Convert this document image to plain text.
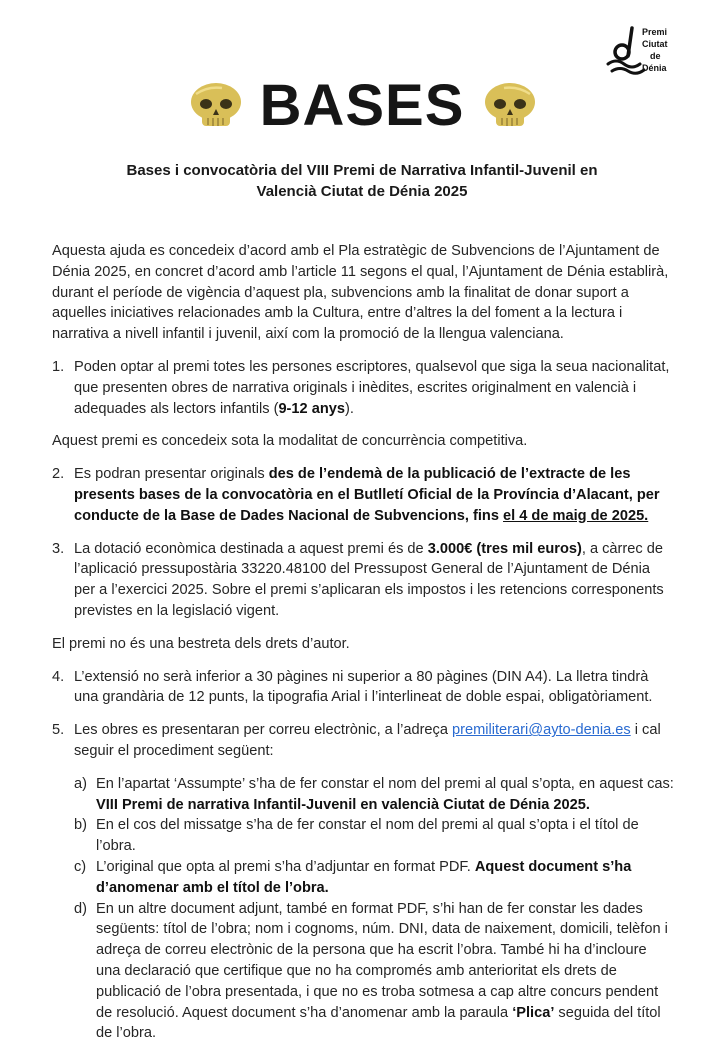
Premi
Ciutat
de
Dénia
BASES
Bases i convocatòria del VIII Premi de Narrativa Infantil-Juvenil en
Valencià Ciutat de Dénia 2025

Aquesta ajuda es concedeix d’acord amb el Pla estratègic de Subvencions de l’Ajuntament de Dénia 2025, en concret d’acord amb l’article 11 segons el qual, l’Ajuntament de Dénia establirà, durant el període de vigència d’aquest pla, subvencions amb la finalitat de donar suport a aquelles iniciatives relacionades amb la Cultura, entre d’altres la del foment a la lectura i narrativa a nivell infantil i juvenil, així com la promoció de la llengua valenciana.

1. Poden optar al premi totes les persones escriptores, qualsevol que siga la seua nacionalitat, que presenten obres de narrativa originals i inèdites, escrites originalment en valencià i adequades als lectors infantils (9-12 anys).

Aquest premi es concedeix sota la modalitat de concurrència competitiva.

2. Es podran presentar originals des de l’endemà de la publicació de l’extracte de les presents bases de la convocatòria en el Butlletí Oficial de la Província d’Alacant, per conducte de la Base de Dades Nacional de Subvencions, fins el 4 de maig de 2025.
3. La dotació econòmica destinada a aquest premi és de 3.000€ (tres mil euros), a càrrec de l’aplicació pressupostària 33220.48100 del Pressupost General de l’Ajuntament de Dénia per a l’exercici 2025. Sobre el premi s’aplicaran els impostos i les retencions corresponents previstes en la legislació vigent.

El premi no és una bestreta dels drets d’autor.

4. L’extensió no serà inferior a 30 pàgines ni superior a 80 pàgines (DIN A4). La lletra tindrà una grandària de 12 punts, la tipografia Arial i l’interlineat de doble espai, obligatòriament.
5. Les obres es presentaran per correu electrònic, a l’adreça premiliterari@ayto-denia.es i cal seguir el procediment següent:
a) En l’apartat ‘Assumpte’ s’ha de fer constar el nom del premi al qual s’opta, en aquest cas: VIII Premi de narrativa Infantil-Juvenil en valencià Ciutat de Dénia 2025.
b) En el cos del missatge s’ha de fer constar el nom del premi al qual s’opta i el títol de l’obra.
c) L’original que opta al premi s’ha d’adjuntar en format PDF. Aquest document s’ha d’anomenar amb el títol de l’obra.
d) En un altre document adjunt, també en format PDF, s’hi han de fer constar les dades següents: títol de l’obra; nom i cognoms, núm. DNI, data de naixement, domicili, telèfon i adreça de correu electrònic de la persona que ha escrit l’obra. També hi ha d’incloure una declaració que certifique que no ha compromés amb anterioritat els drets de publicació de l’obra presentada, i que no es troba sotmesa a cap altre concurs pendent de resolució. Aquest document s’ha d’anomenar amb la paraula ‘Plica’ seguida del títol de l’obra.
